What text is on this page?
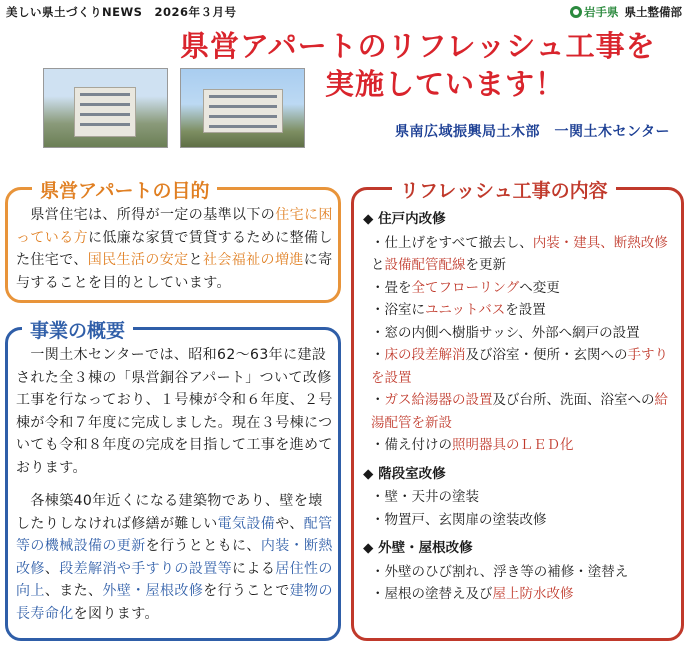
美しい県土づくりNEWS　2026年３月号	岩手県 県土整備部
県営アパートのリフレッシュ工事を
実施しています！
県南広域振興局土木部　一関土木センター
県営アパートの目的
　県営住宅は、所得が一定の基準以下の住宅に困っている方に低廉な家賃で賃貸するために整備した住宅で、国民生活の安定と社会福祉の増進に寄与することを目的としています。
事業の概要
　一関土木センターでは、昭和62～63年に建設された全３棟の「県営銅谷アパート」ついて改修工事を行なっており、１号棟が令和６年度、２号棟が令和７年度に完成しました。現在３号棟についても令和８年度の完成を目指して工事を進めております。
　各棟築40年近くになる建築物であり、壁を壊したりしなければ修繕が難しい電気設備や、配管等の機械設備の更新を行うとともに、内装・断熱改修、段差解消や手すりの設置等による居住性の向上、また、外壁・屋根改修を行うことで建物の長寿命化を図ります。
リフレッシュ工事の内容
◆ 住戸内改修
・仕上げをすべて撤去し、内装・建具、断熱改修と設備配管配線を更新
・畳を全てフローリングへ変更
・浴室にユニットバスを設置
・窓の内側へ樹脂サッシ、外部へ網戸の設置
・床の段差解消及び浴室・便所・玄関への手すりを設置
・ガス給湯器の設置及び台所、洗面、浴室への給湯配管を新設
・備え付けの照明器具のＬＥＤ化
◆ 階段室改修
・壁・天井の塗装
・物置戸、玄関扉の塗装改修
◆ 外壁・屋根改修
・外壁のひび割れ、浮き等の補修・塗替え
・屋根の塗替え及び屋上防水改修
